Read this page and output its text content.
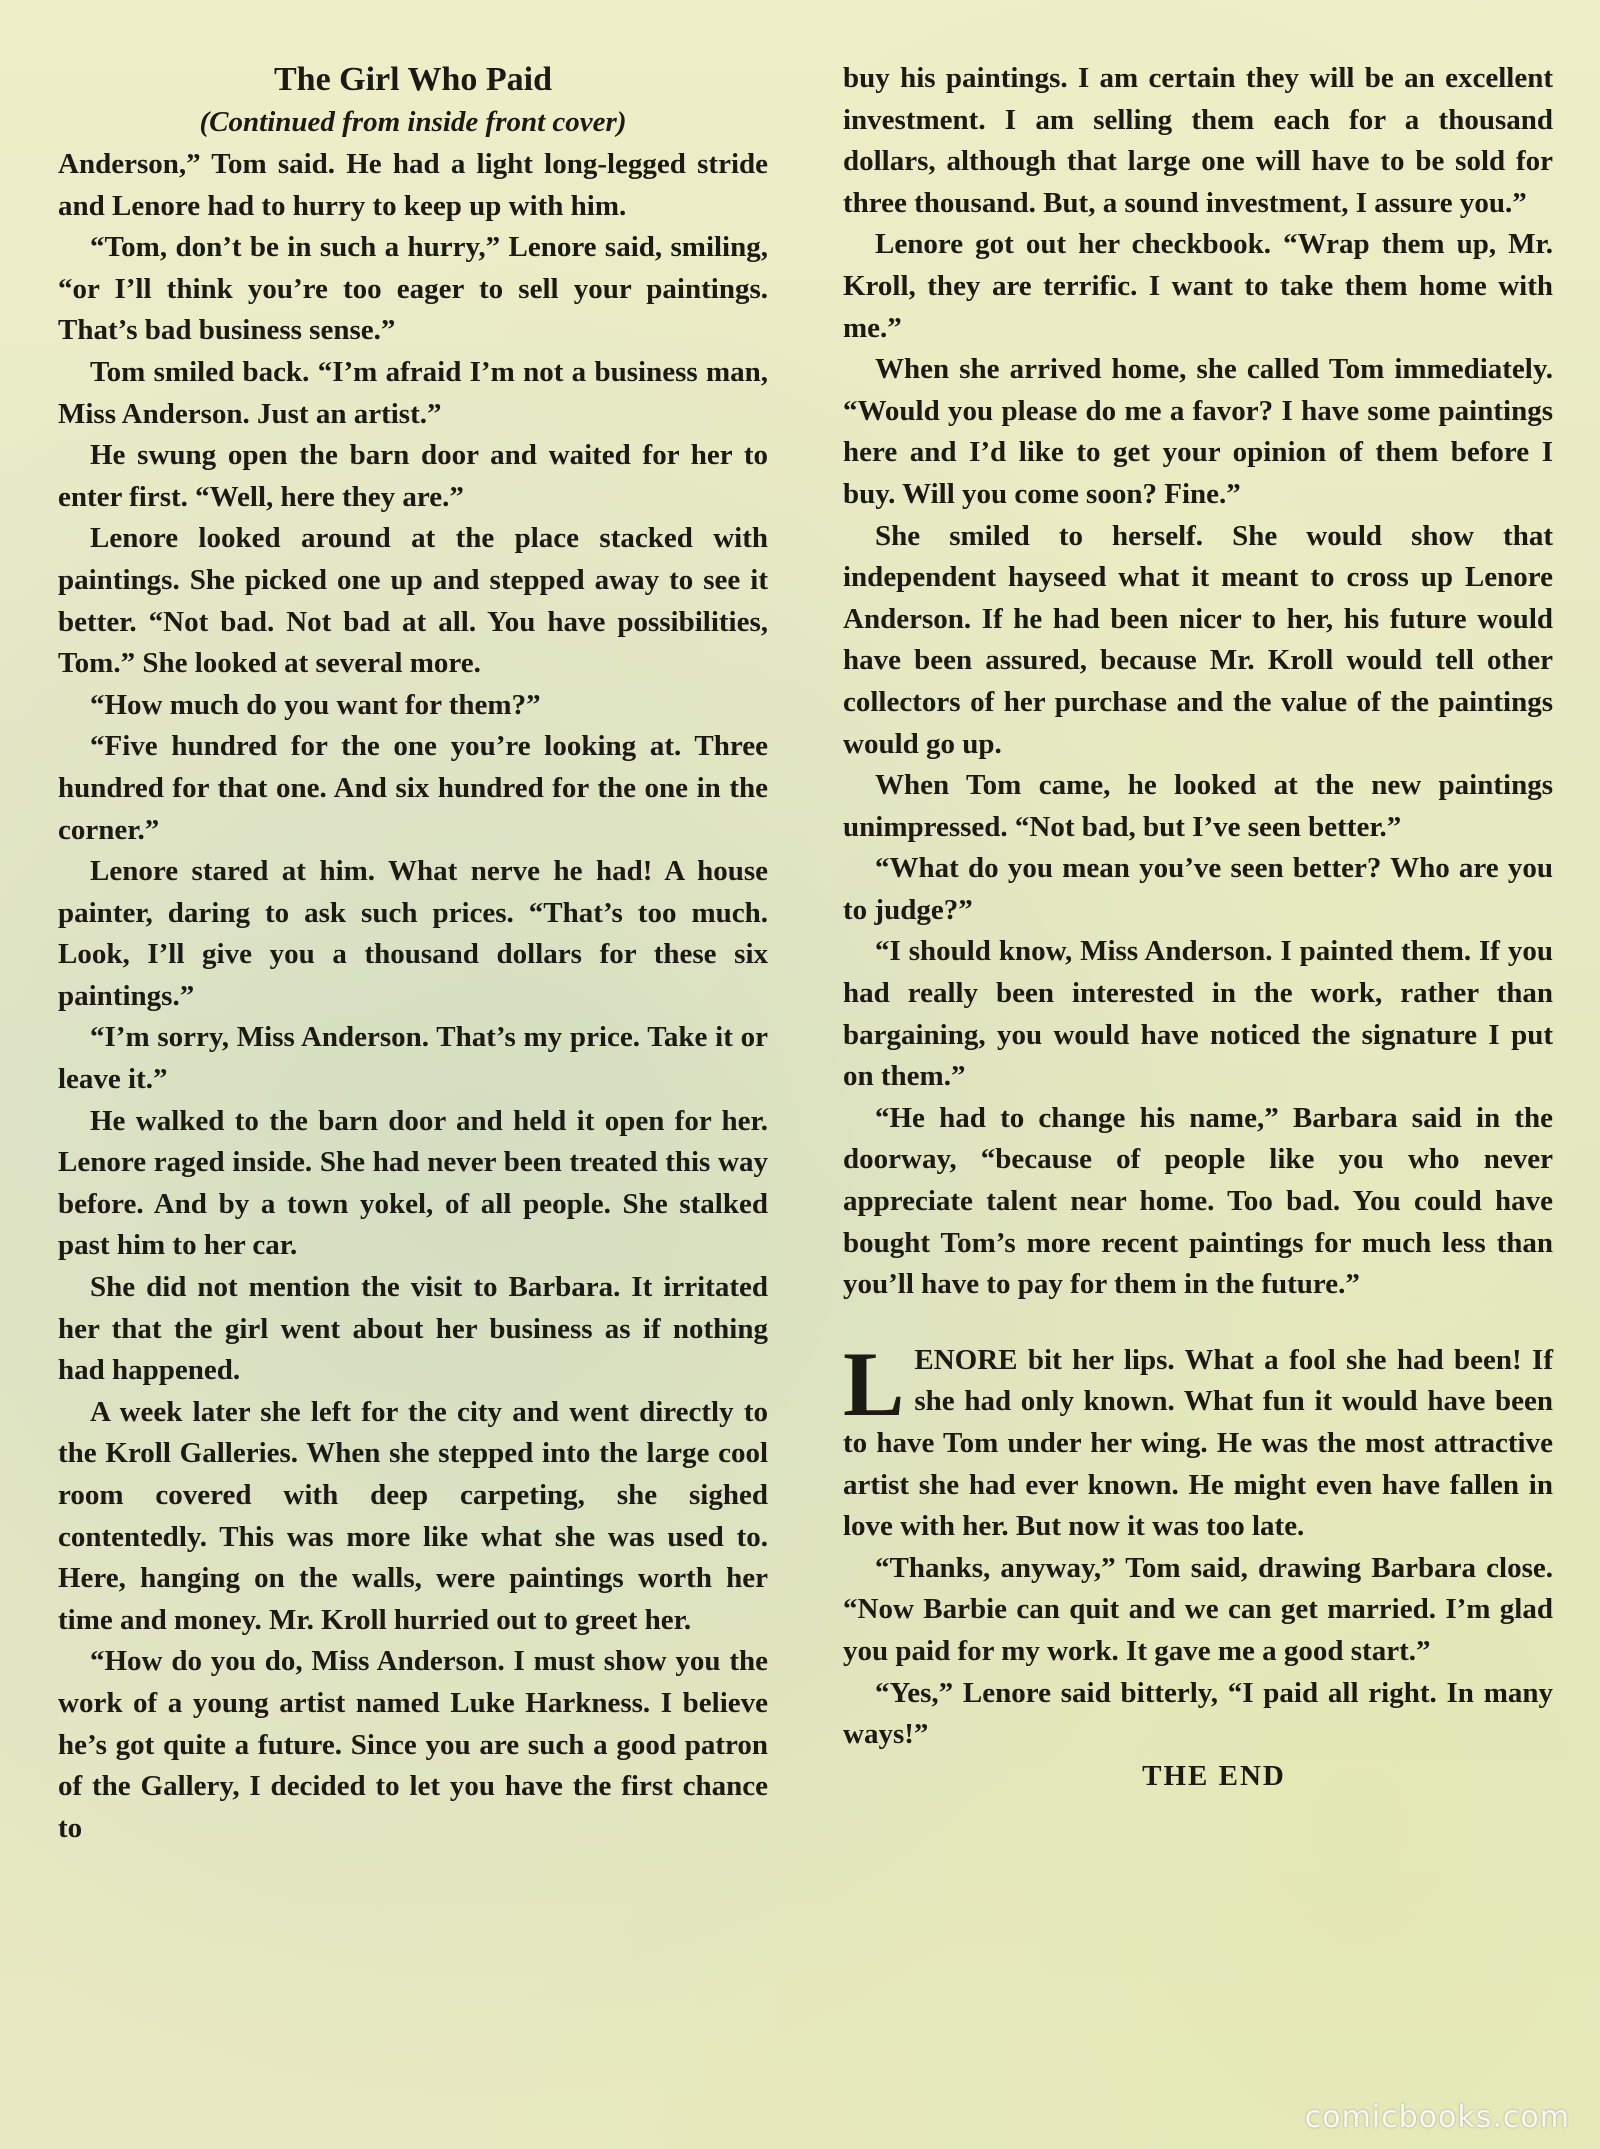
The Girl Who Paid
(Continued from inside front cover)

Anderson,” Tom said. He had a light long-legged stride and Lenore had to hurry to keep up with him.

“Tom, don’t be in such a hurry,” Lenore said, smiling, “or I’ll think you’re too eager to sell your paintings. That’s bad business sense.”

Tom smiled back. “I’m afraid I’m not a business man, Miss Anderson. Just an artist.”

He swung open the barn door and waited for her to enter first. “Well, here they are.”

Lenore looked around at the place stacked with paintings. She picked one up and stepped away to see it better. “Not bad. Not bad at all. You have possibilities, Tom.” She looked at several more.

“How much do you want for them?”

“Five hundred for the one you’re looking at. Three hundred for that one. And six hundred for the one in the corner.”

Lenore stared at him. What nerve he had! A house painter, daring to ask such prices. “That’s too much. Look, I’ll give you a thousand dollars for these six paintings.”

“I’m sorry, Miss Anderson. That’s my price. Take it or leave it.”

He walked to the barn door and held it open for her. Lenore raged inside. She had never been treated this way before. And by a town yokel, of all people. She stalked past him to her car.

She did not mention the visit to Barbara. It irritated her that the girl went about her business as if nothing had happened.

A week later she left for the city and went directly to the Kroll Galleries. When she stepped into the large cool room covered with deep carpeting, she sighed contentedly. This was more like what she was used to. Here, hanging on the walls, were paintings worth her time and money. Mr. Kroll hurried out to greet her.

“How do you do, Miss Anderson. I must show you the work of a young artist named Luke Harkness. I believe he’s got quite a future. Since you are such a good patron of the Gallery, I decided to let you have the first chance to

buy his paintings. I am certain they will be an excellent investment. I am selling them each for a thousand dollars, although that large one will have to be sold for three thousand. But, a sound investment, I assure you.”

Lenore got out her checkbook. “Wrap them up, Mr. Kroll, they are terrific. I want to take them home with me.”

When she arrived home, she called Tom immediately. “Would you please do me a favor? I have some paintings here and I’d like to get your opinion of them before I buy. Will you come soon? Fine.”

She smiled to herself. She would show that independent hayseed what it meant to cross up Lenore Anderson. If he had been nicer to her, his future would have been assured, because Mr. Kroll would tell other collectors of her purchase and the value of the paintings would go up.

When Tom came, he looked at the new paintings unimpressed. “Not bad, but I’ve seen better.”

“What do you mean you’ve seen better? Who are you to judge?”

“I should know, Miss Anderson. I painted them. If you had really been interested in the work, rather than bargaining, you would have noticed the signature I put on them.”

“He had to change his name,” Barbara said in the doorway, “because of people like you who never appreciate talent near home. Too bad. You could have bought Tom’s more recent paintings for much less than you’ll have to pay for them in the future.”

LENORE bit her lips. What a fool she had been! If she had only known. What fun it would have been to have Tom under her wing. He was the most attractive artist she had ever known. He might even have fallen in love with her. But now it was too late.

“Thanks, anyway,” Tom said, drawing Barbara close. “Now Barbie can quit and we can get married. I’m glad you paid for my work. It gave me a good start.”

“Yes,” Lenore said bitterly, “I paid all right. In many ways!”

THE END

comicbooks.com
